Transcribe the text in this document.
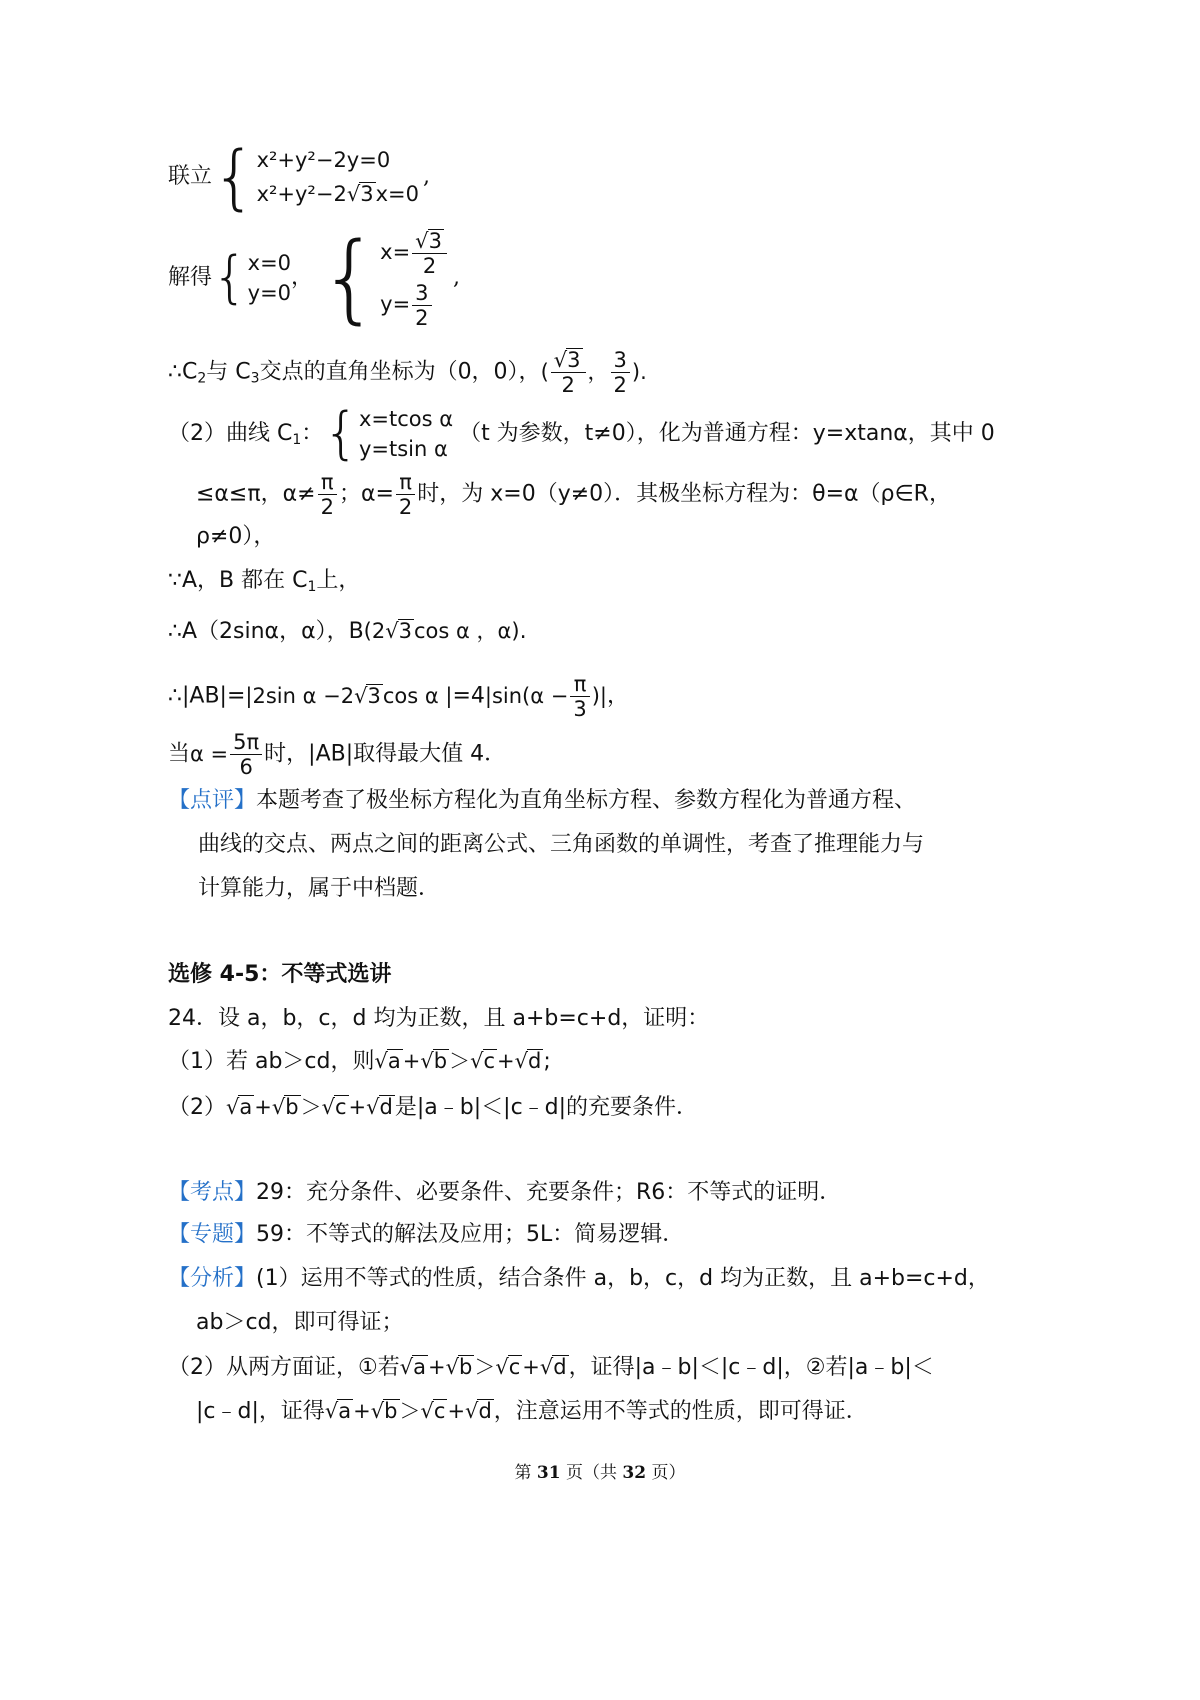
联立{ x²+y²−2y=0
x²+y²−2√3x=0
,
解得{ x=0
y=0
，{ $x= \frac{√3}{2}$
$y= \frac{3}{2}$
,
$\therefore C_2$与 $C_3$交点的直角坐标为（0，0），( $\frac{√3}{2}$ ， $\frac{3}{2}$ ).
（2）曲线 $C_1$：{ x=tcos α
y=tsin α
（t 为参数，t≠0），化为普通方程：y=xtanα，其中 0
≤α≤π，$\alpha\ne \frac{\pi}{2}$ ；$\alpha= \frac{\pi}{2}$ 时，为 x=0（y≠0）．其极坐标方程为：θ=α（ρ∈R，
ρ≠0），
∵A，B 都在 $C_1$上，
∴A（2sinα，α），B(2√3cos α ，α).
∴|AB|=|2sin α −2√3cos α $|=4|\sin(\alpha - \frac{\pi}{3}$ )|，
当$\alpha = \frac{5\pi}{6}$ 时，|AB|取得最大值 4．
【点评】本题考查了极坐标方程化为直角坐标方程、参数方程化为普通方程、
曲线的交点、两点之间的距离公式、三角函数的单调性，考查了推理能力与
计算能力，属于中档题．
选修 4-5：不等式选讲
24．设 a，b，c，d 均为正数，且 a+b=c+d，证明：
（1）若 ab＞cd，则√a+√b＞√c+√d;
（2）√a+√b＞√c+√d是|a﹣b|＜|c﹣d|的充要条件．
【考点】29：充分条件、必要条件、充要条件；R6：不等式的证明．
【专题】59：不等式的解法及应用；5L：简易逻辑．
【分析】(1）运用不等式的性质，结合条件 a，b，c，d 均为正数，且 a+b=c+d，
ab＞cd，即可得证；
（2）从两方面证，①若√a+√b＞√c+√d，证得|a﹣b|＜|c﹣d|，②若|a﹣b|＜
|c﹣d|，证得√a+√b＞√c+√d，注意运用不等式的性质，即可得证．
第 31 页（共 32 页）
